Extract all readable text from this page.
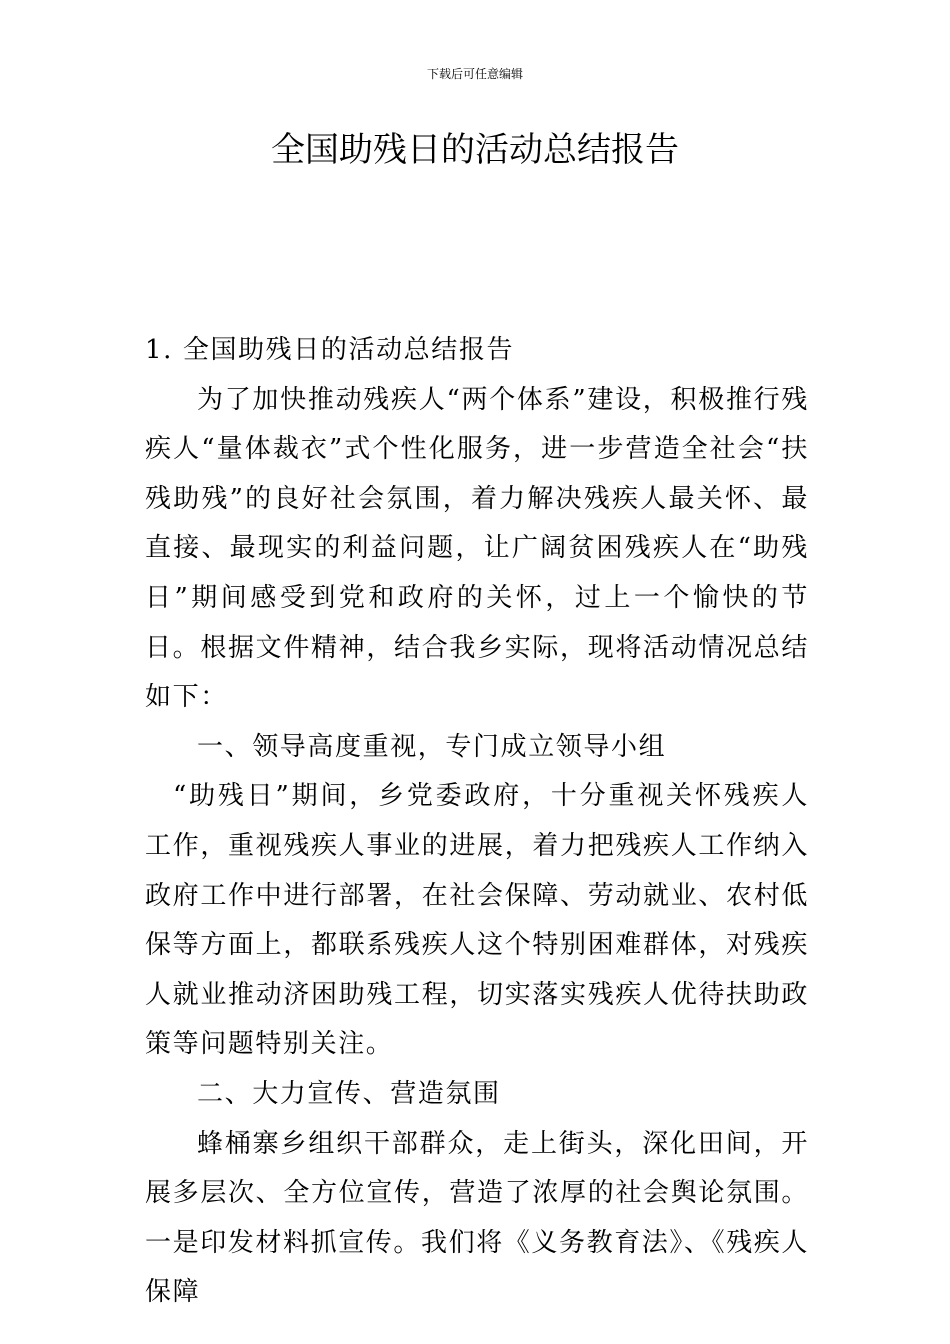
下载后可任意编辑
全国助残日的活动总结报告

1. 全国助残日的活动总结报告

为了加快推动残疾人“两个体系”建设，积极推行残疾人“量体裁衣”式个性化服务，进一步营造全社会“扶残助残”的良好社会氛围，着力解决残疾人最关怀、最直接、最现实的利益问题，让广阔贫困残疾人在“助残日”期间感受到党和政府的关怀，过上一个愉快的节日。根据文件精神，结合我乡实际，现将活动情况总结如下：

一、领导高度重视，专门成立领导小组

“助残日”期间，乡党委政府，十分重视关怀残疾人工作，重视残疾人事业的进展，着力把残疾人工作纳入政府工作中进行部署，在社会保障、劳动就业、农村低保等方面上，都联系残疾人这个特别困难群体，对残疾人就业推动济困助残工程，切实落实残疾人优待扶助政策等问题特别关注。

二、大力宣传、营造氛围

蜂桶寨乡组织干部群众，走上街头，深化田间，开展多层次、全方位宣传，营造了浓厚的社会舆论氛围。一是印发材料抓宣传。我们将《义务教育法》、《残疾人保障
